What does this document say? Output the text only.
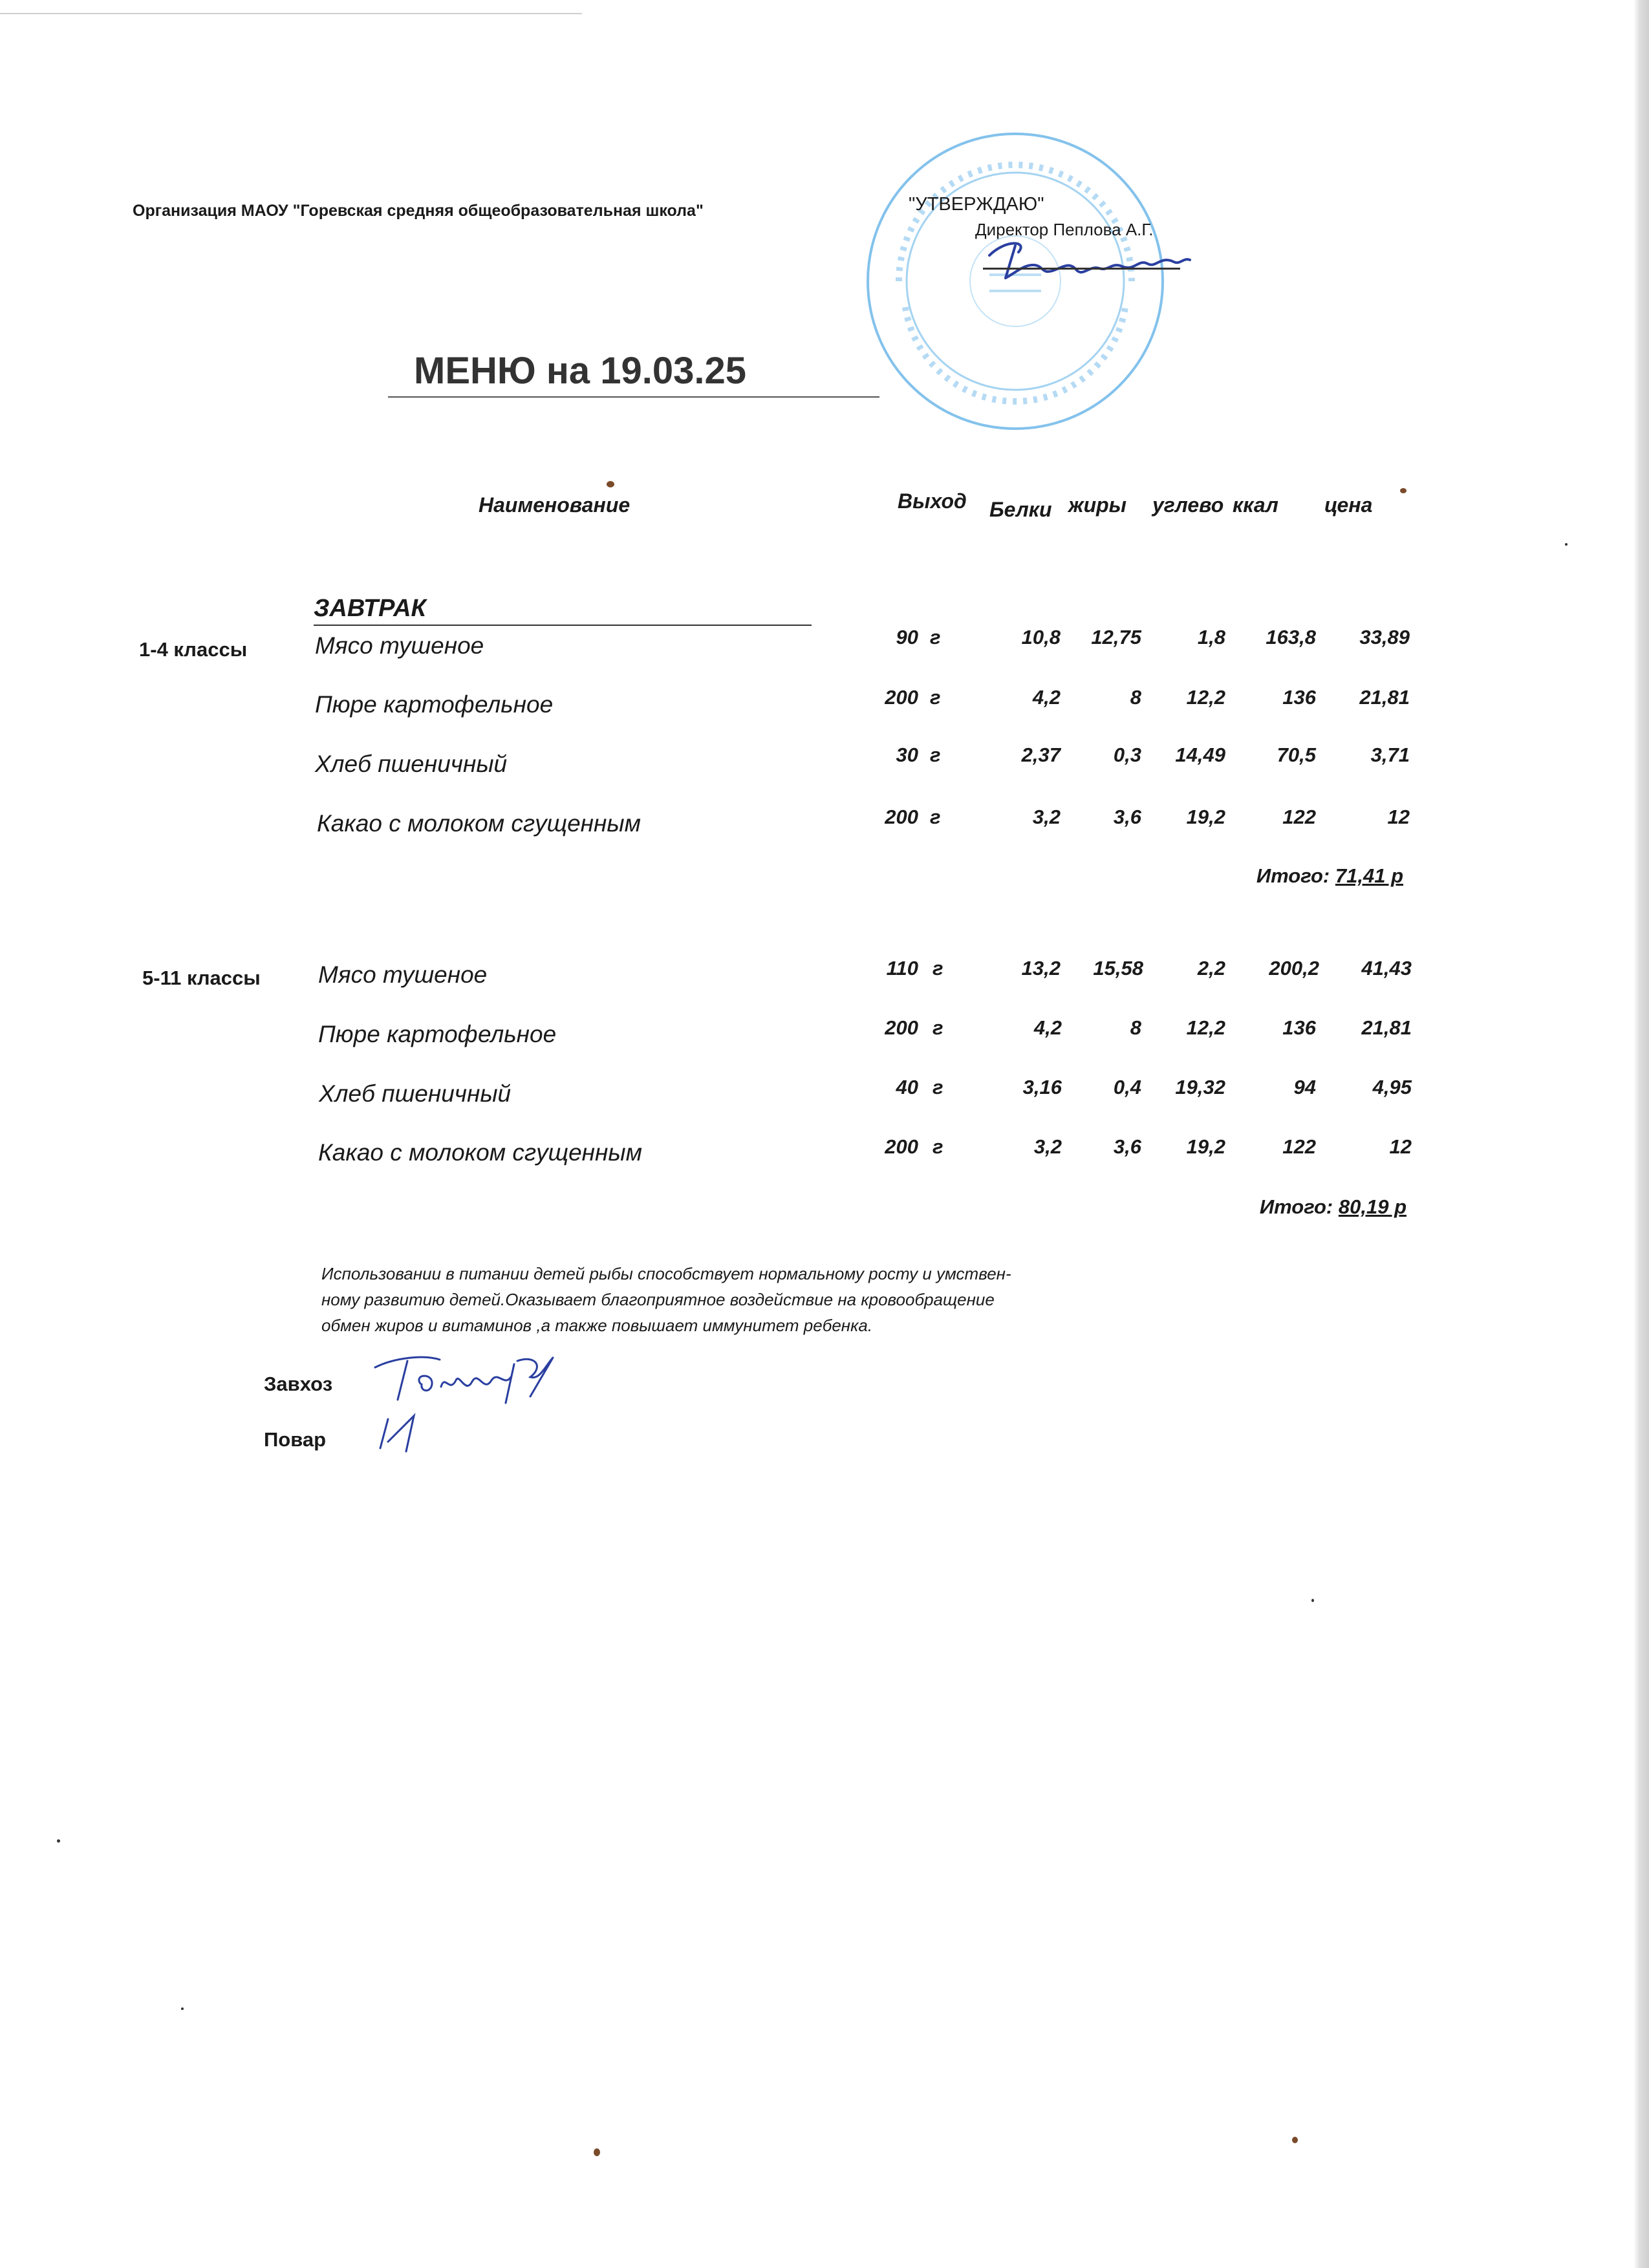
Организация МАОУ "Горевская средняя общеобразовательная школа"	"УТВЕРЖДАЮ"
Директор Пеплова А.Г.
МЕНЮ на 19.03.25
Наименование	Выход Белки жиры углево ккал цена
ЗАВТРАК
1-4 классы	Мясо тушеное	90 г	10,8	12,75	1,8	163,8	33,89
Пюре картофельное	200 г	4,2	8	12,2	136	21,81
Хлеб пшеничный	30 г	2,37	0,3	14,49	70,5	3,71
Какао с молоком сгущенным	200 г	3,2	3,6	19,2	122	12
Итого: 71,41 р
5-11 классы Мясо тушеное	110 г	13,2	15,58	2,2	200,2	41,43
Пюре картофельное	200 г	4,2	8	12,2	136	21,81
Хлеб пшеничный	40 г	3,16	0,4	19,32	94	4,95
Какао с молоком сгущенным	200 г	3,2	3,6	19,2	122	12
Итого: 80,19 р
Использовании в питании детей рыбы способствует нормальному росту и умствен-
ному развитию детей.Оказывает благоприятное воздействие на кровообращение
обмен жиров и витаминов ,а также повышает иммунитет ребенка.
Завхоз
Повар
